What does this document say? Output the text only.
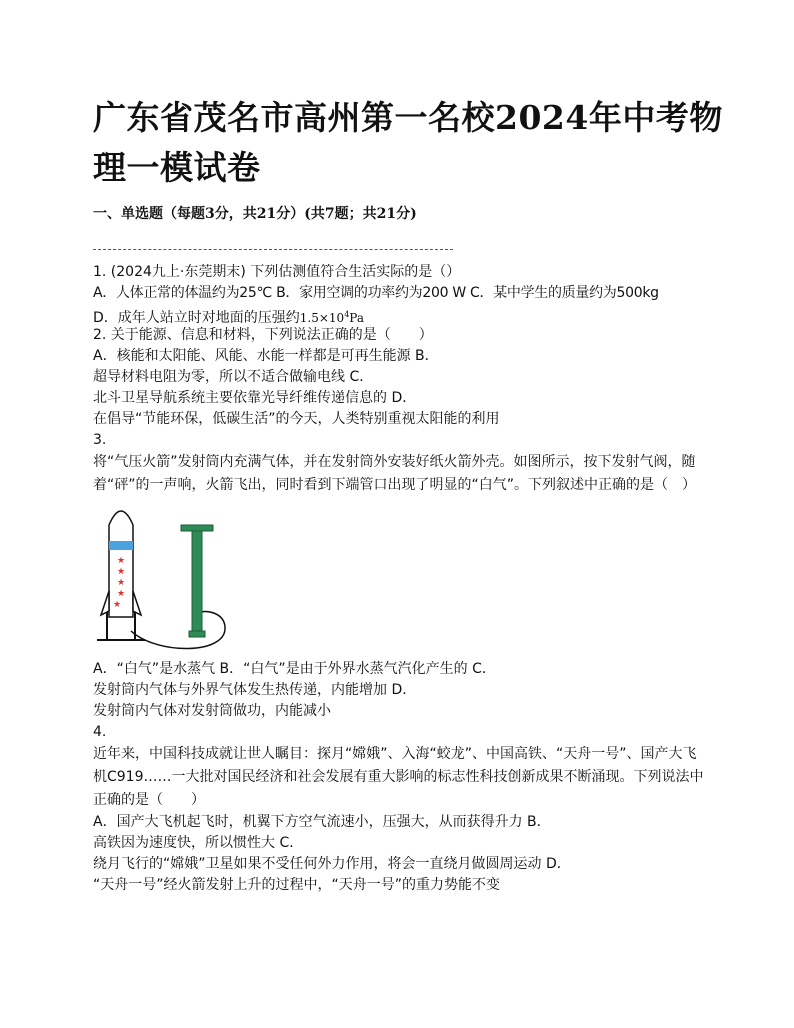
广东省茂名市高州第一名校2024年中考物理一模试卷
一、单选题（每题3分，共21分）(共7题；共21分)
1. (2024九上·东莞期末) 下列估测值符合生活实际的是（）
A．人体正常的体温约为25℃ B．家用空调的功率约为200 W C．某中学生的质量约为500kg
D．成年人站立时对地面的压强约$1.5\times 10^4Pa$
2. 关于能源、信息和材料，下列说法正确的是（　　）
A．核能和太阳能、风能、水能一样都是可再生能源 B．
超导材料电阻为零，所以不适合做输电线 C．
北斗卫星导航系统主要依靠光导纤维传递信息的 D．
在倡导“节能环保，低碳生活”的今天，人类特别重视太阳能的利用
3.
将“气压火箭”发射筒内充满气体，并在发射筒外安装好纸火箭外壳。如图所示，按下发射气阀，随着“砰”的一声响，火箭飞出，同时看到下端管口出现了明显的“白气”。下列叙述中正确的是（　）
★
★
★
★
★
A．“白气”是水蒸气 B．“白气”是由于外界水蒸气汽化产生的 C．
发射筒内气体与外界气体发生热传递，内能增加 D．
发射筒内气体对发射筒做功，内能减小
4.
近年来，中国科技成就让世人瞩目：探月“嫦娥”、入海“蛟龙”、中国高铁、“天舟一号”、国产大飞机C919……一大批对国民经济和社会发展有重大影响的标志性科技创新成果不断涌现。下列说法中正确的是（　　）
A．国产大飞机起飞时，机翼下方空气流速小，压强大，从而获得升力 B．
高铁因为速度快，所以惯性大 C．
绕月飞行的“嫦娥”卫星如果不受任何外力作用，将会一直绕月做圆周运动 D．
“天舟一号”经火箭发射上升的过程中，“天舟一号”的重力势能不变
